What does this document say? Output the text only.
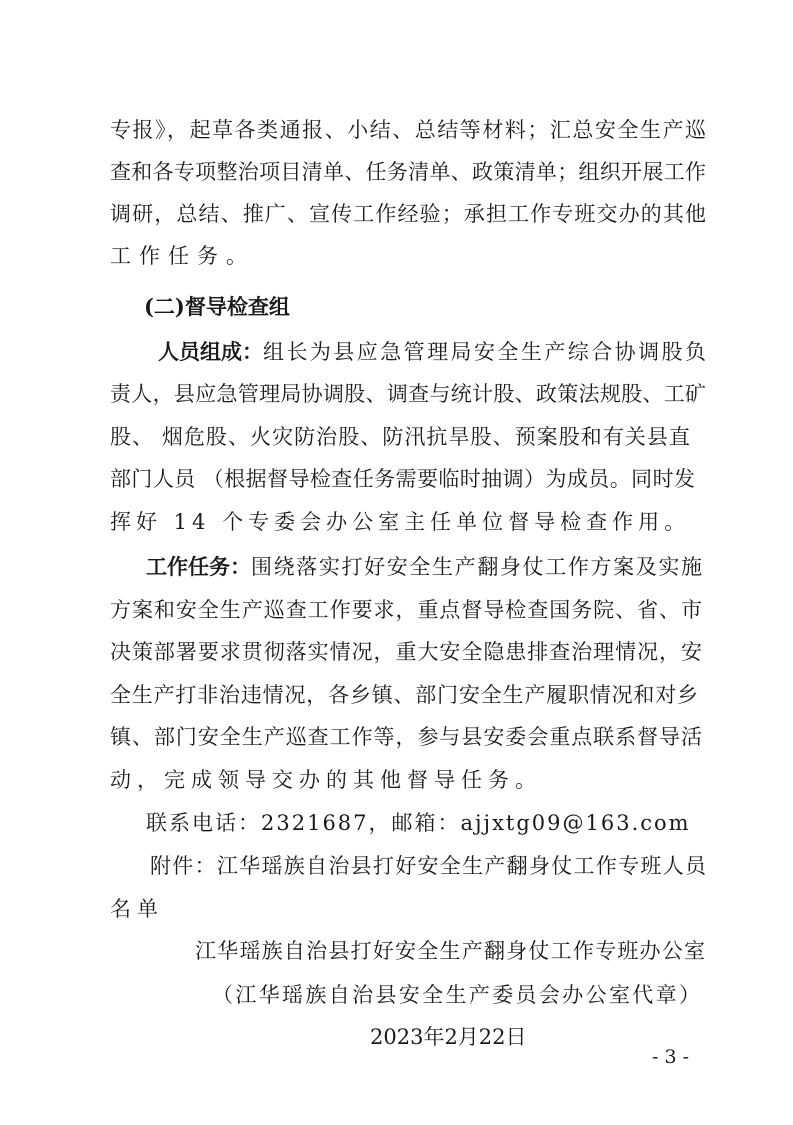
专报》，起草各类通报、小结、总结等材料；汇总安全生产巡
查和各专项整治项目清单、任务清单、政策清单；组织开展工作
调研，总结、推广、宣传工作经验；承担工作专班交办的其他
工作任务。
(二)督导检查组
人员组成： 组长为县应急管理局安全生产综合协调股负
责人，县应急管理局协调股、调查与统计股、政策法规股、工矿
股、 烟危股、火灾防治股、防汛抗旱股、预案股和有关县直
部门人员 （根据督导检查任务需要临时抽调）为成员。同时发
挥好 14 个专委会办公室主任单位督导检查作用。
工作任务： 围绕落实打好安全生产翻身仗工作方案及实施
方案和安全生产巡查工作要求，重点督导检查国务院、省、市
决策部署要求贯彻落实情况，重大安全隐患排查治理情况，安
全生产打非治违情况，各乡镇、部门安全生产履职情况和对乡
镇、部门安全生产巡查工作等，参与县安委会重点联系督导活
动，完成领导交办的其他督导任务。
联系电话：2321687，邮箱：ajjxtg09@163.com
附件：江华瑶族自治县打好安全生产翻身仗工作专班人员
名单
江华瑶族自治县打好安全生产翻身仗工作专班办公室
（江华瑶族自治县安全生产委员会办公室代章）
2023年2月22日
- 3 -
